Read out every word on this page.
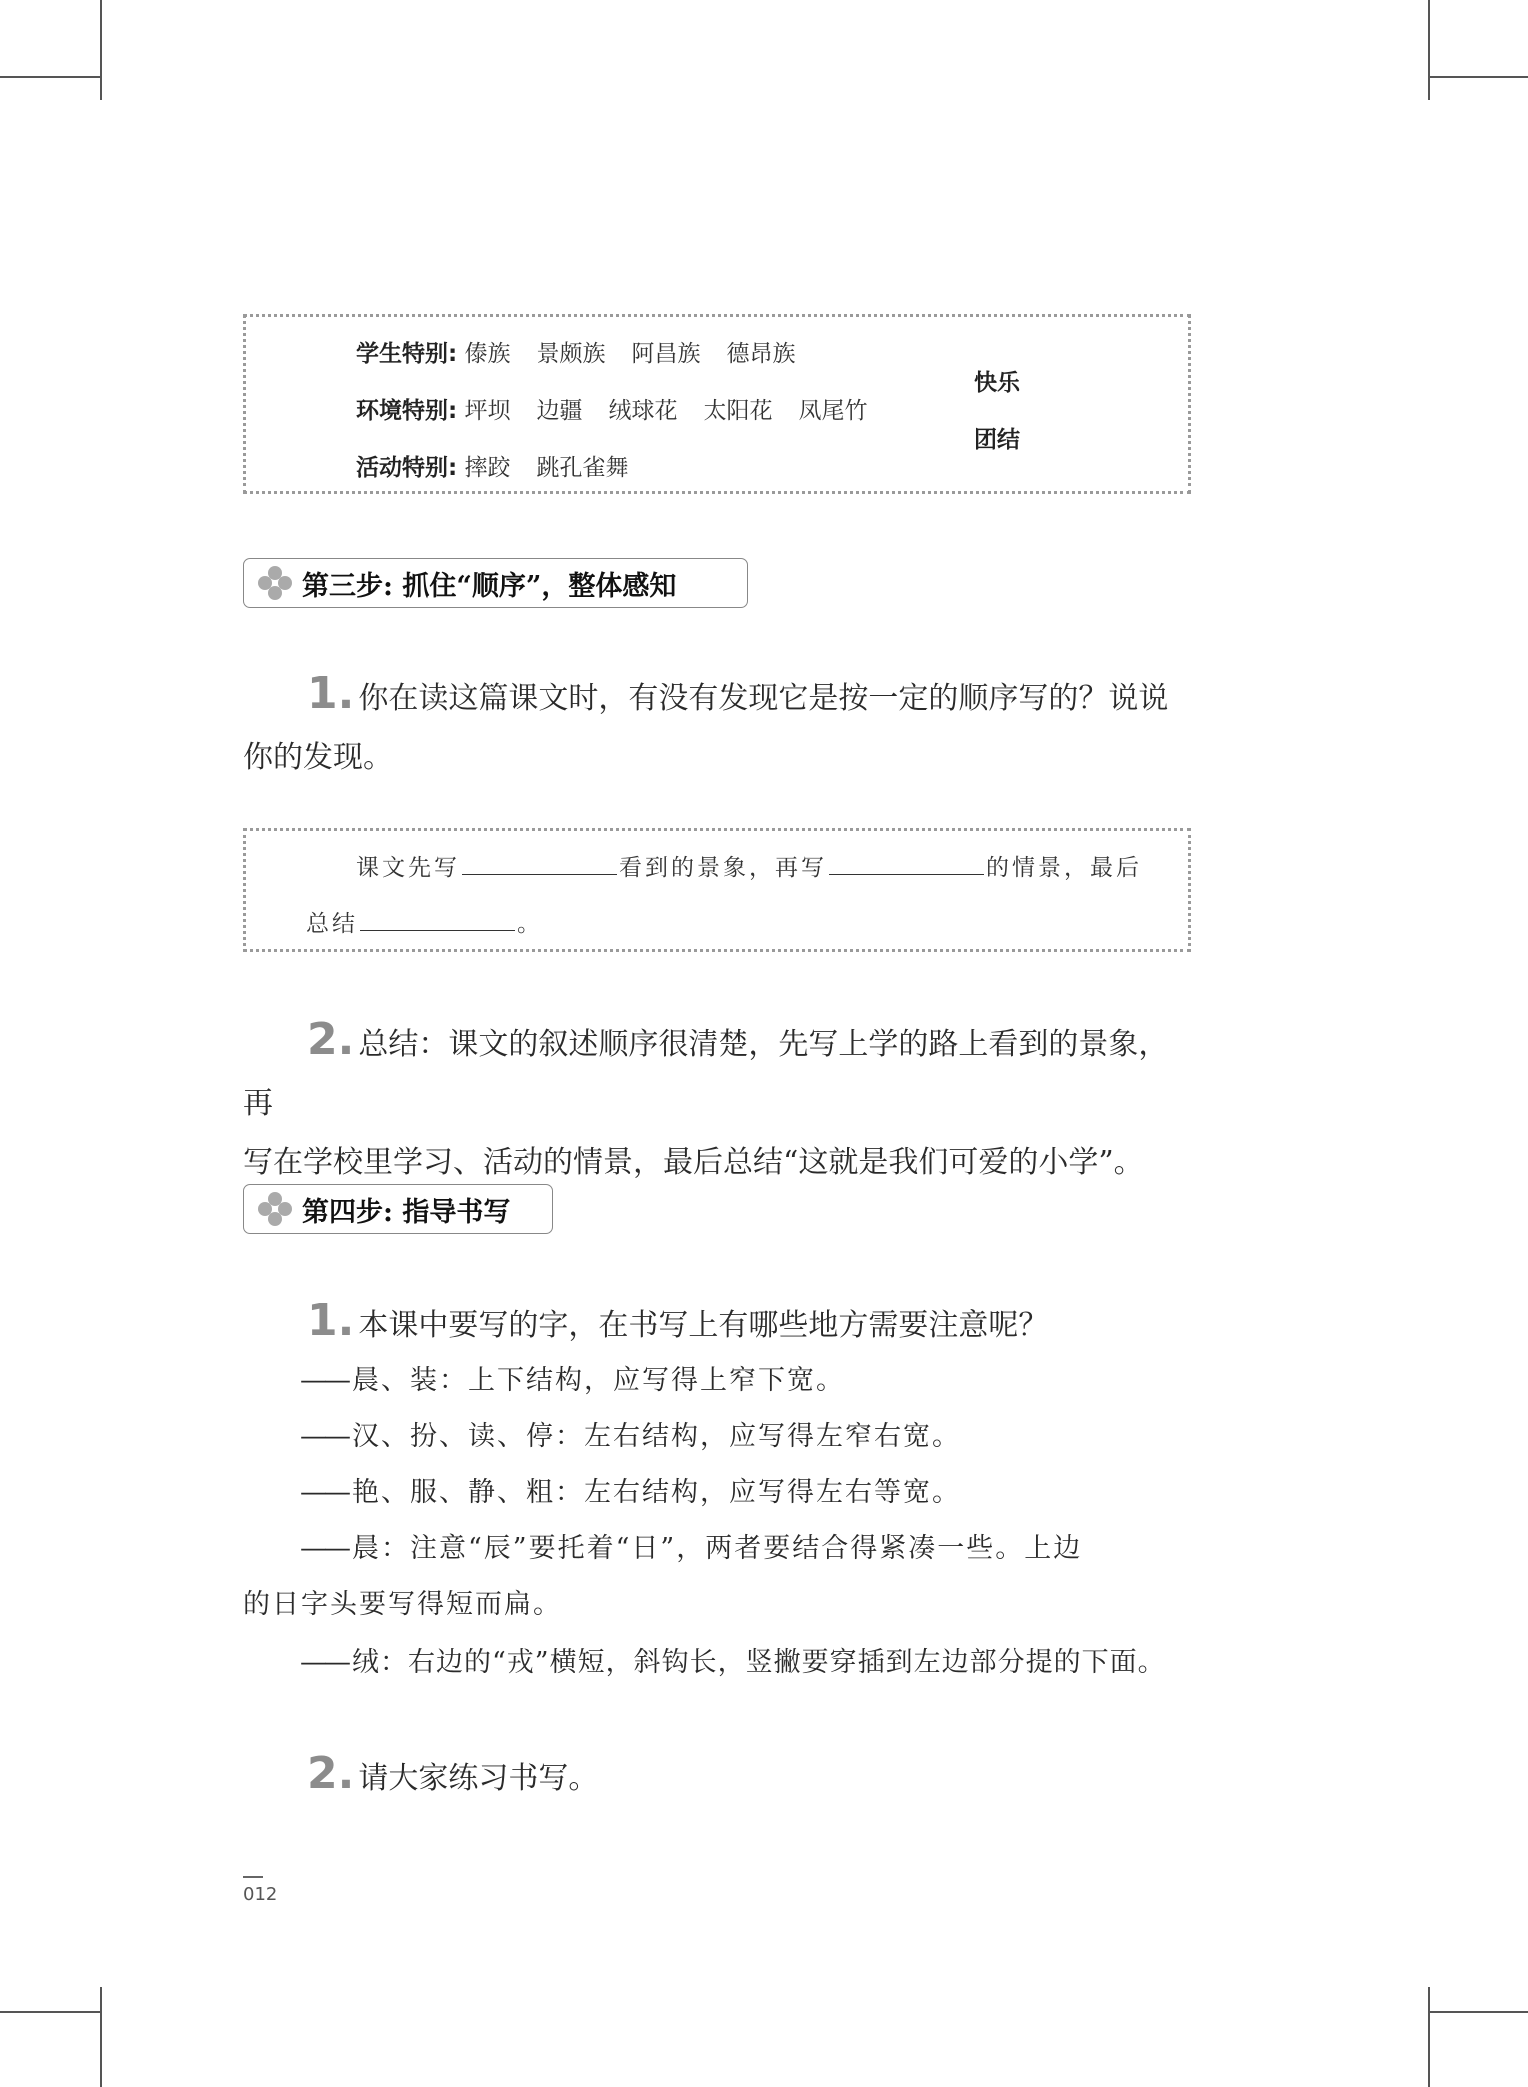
学生特别: 傣族 景颇族 阿昌族 德昂族
环境特别: 坪坝 边疆 绒球花 太阳花 凤尾竹
活动特别: 摔跤 跳孔雀舞
快乐
团结
第三步: 抓住“顺序”，整体感知
1. 你在读这篇课文时，有没有发现它是按一定的顺序写的？说说
你的发现。
课文先写	看到的景象，再写	的情景，最后
总结	。
2. 总结：课文的叙述顺序很清楚，先写上学的路上看到的景象，再
写在学校里学习、活动的情景，最后总结“这就是我们可爱的小学”。
第四步: 指导书写
1. 本课中要写的字，在书写上有哪些地方需要注意呢？
—— 晨、装：上下结构，应写得上窄下宽。
—— 汉、扮、读、停：左右结构，应写得左窄右宽。
—— 艳、服、静、粗：左右结构，应写得左右等宽。
—— 晨：注意“辰”要托着“日”，两者要结合得紧凑一些。上边
的日字头要写得短而扁。
—— 绒：右边的“戎”横短，斜钩长，竖撇要穿插到左边部分提的下面。
2. 请大家练习书写。
012
